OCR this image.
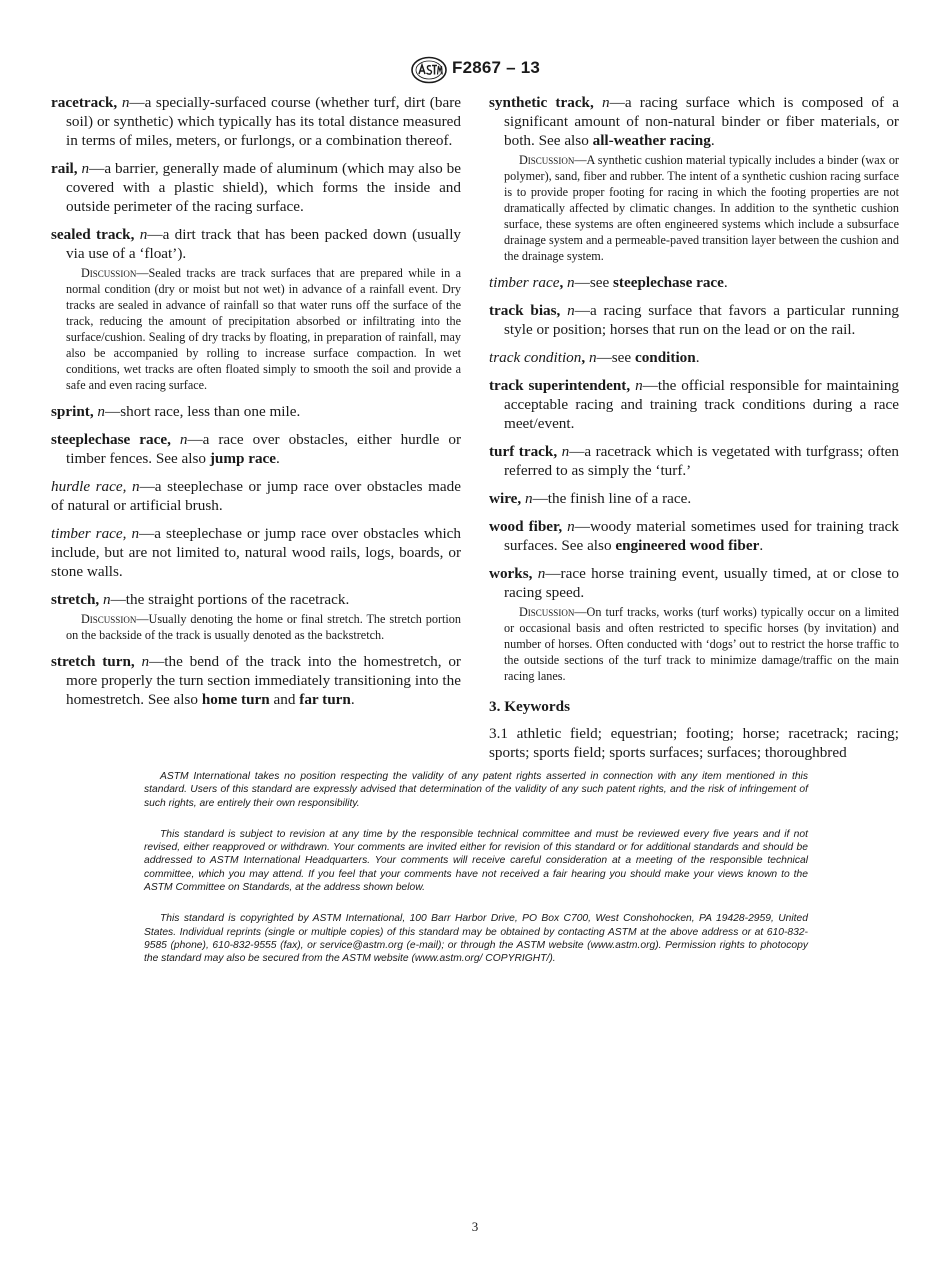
F2867 – 13

racetrack, n—a specially-surfaced course (whether turf, dirt (bare soil) or synthetic) which typically has its total distance measured in terms of miles, meters, or furlongs, or a combination thereof.

rail, n—a barrier, generally made of aluminum (which may also be covered with a plastic shield), which forms the inside and outside perimeter of the racing surface.

sealed track, n—a dirt track that has been packed down (usually via use of a ‘float’).

Discussion—Sealed tracks are track surfaces that are prepared while in a normal condition (dry or moist but not wet) in advance of a rainfall event. Dry tracks are sealed in advance of rainfall so that water runs off the surface of the track, reducing the amount of precipitation absorbed or infiltrating into the surface/cushion. Sealing of dry tracks by floating, in preparation of rainfall, may also be accompanied by rolling to increase surface compaction. In wet conditions, wet tracks are often floated simply to smooth the soil and provide a safe and even racing surface.

sprint, n—short race, less than one mile.

steeplechase race, n—a race over obstacles, either hurdle or timber fences. See also jump race.

hurdle race, n—a steeplechase or jump race over obstacles made of natural or artificial brush.

timber race, n—a steeplechase or jump race over obstacles which include, but are not limited to, natural wood rails, logs, boards, or stone walls.

stretch, n—the straight portions of the racetrack.

Discussion—Usually denoting the home or final stretch. The stretch portion on the backside of the track is usually denoted as the backstretch.

stretch turn, n—the bend of the track into the homestretch, or more properly the turn section immediately transitioning into the homestretch. See also home turn and far turn.

synthetic track, n—a racing surface which is composed of a significant amount of non-natural binder or fiber materials, or both. See also all-weather racing.

Discussion—A synthetic cushion material typically includes a binder (wax or polymer), sand, fiber and rubber. The intent of a synthetic cushion racing surface is to provide proper footing for racing in which the footing properties are not dramatically affected by climatic changes. In addition to the synthetic cushion surface, these systems are often engineered systems which include a subsurface drainage system and a permeable-paved transition layer between the cushion and the drainage system.

timber race, n—see steeplechase race.

track bias, n—a racing surface that favors a particular running style or position; horses that run on the lead or on the rail.

track condition, n—see condition.

track superintendent, n—the official responsible for maintaining acceptable racing and training track conditions during a race meet/event.

turf track, n—a racetrack which is vegetated with turfgrass; often referred to as simply the ‘turf.’

wire, n—the finish line of a race.

wood fiber, n—woody material sometimes used for training track surfaces. See also engineered wood fiber.

works, n—race horse training event, usually timed, at or close to racing speed.

Discussion—On turf tracks, works (turf works) typically occur on a limited or occasional basis and often restricted to specific horses (by invitation) and number of horses. Often conducted with ‘dogs’ out to restrict the horse traffic to the outside sections of the turf track to minimize damage/traffic on the main racing lanes.

3. Keywords

3.1 athletic field; equestrian; footing; horse; racetrack; racing; sports; sports field; sports surfaces; surfaces; thoroughbred

ASTM International takes no position respecting the validity of any patent rights asserted in connection with any item mentioned in this standard. Users of this standard are expressly advised that determination of the validity of any such patent rights, and the risk of infringement of such rights, are entirely their own responsibility.

This standard is subject to revision at any time by the responsible technical committee and must be reviewed every five years and if not revised, either reapproved or withdrawn. Your comments are invited either for revision of this standard or for additional standards and should be addressed to ASTM International Headquarters. Your comments will receive careful consideration at a meeting of the responsible technical committee, which you may attend. If you feel that your comments have not received a fair hearing you should make your views known to the ASTM Committee on Standards, at the address shown below.

This standard is copyrighted by ASTM International, 100 Barr Harbor Drive, PO Box C700, West Conshohocken, PA 19428-2959, United States. Individual reprints (single or multiple copies) of this standard may be obtained by contacting ASTM at the above address or at 610-832-9585 (phone), 610-832-9555 (fax), or service@astm.org (e-mail); or through the ASTM website (www.astm.org). Permission rights to photocopy the standard may also be secured from the ASTM website (www.astm.org/ COPYRIGHT/).

3
